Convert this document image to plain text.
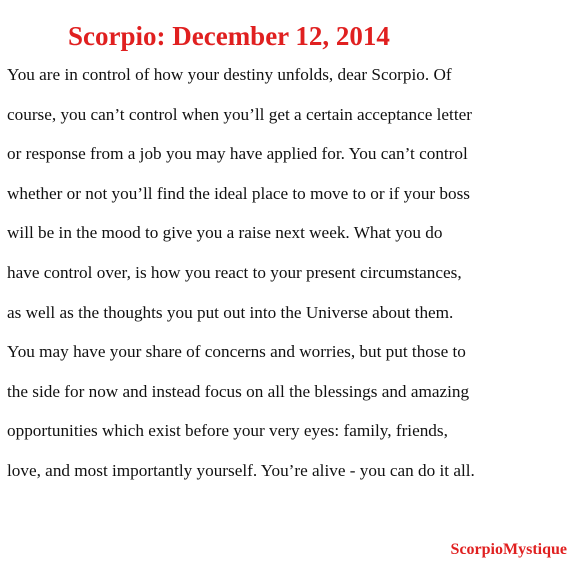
Scorpio: December 12, 2014
You are in control of how your destiny unfolds, dear Scorpio. Of
course, you can’t control when you’ll get a certain acceptance letter
or response from a job you may have applied for. You can’t control
whether or not you’ll find the ideal place to move to or if your boss
will be in the mood to give you a raise next week. What you do
have control over, is how you react to your present circumstances,
as well as the thoughts you put out into the Universe about them.
You may have your share of concerns and worries, but put those to
the side for now and instead focus on all the blessings and amazing
opportunities which exist before your very eyes: family, friends,
love, and most importantly yourself. You’re alive - you can do it all.
ScorpioMystique
